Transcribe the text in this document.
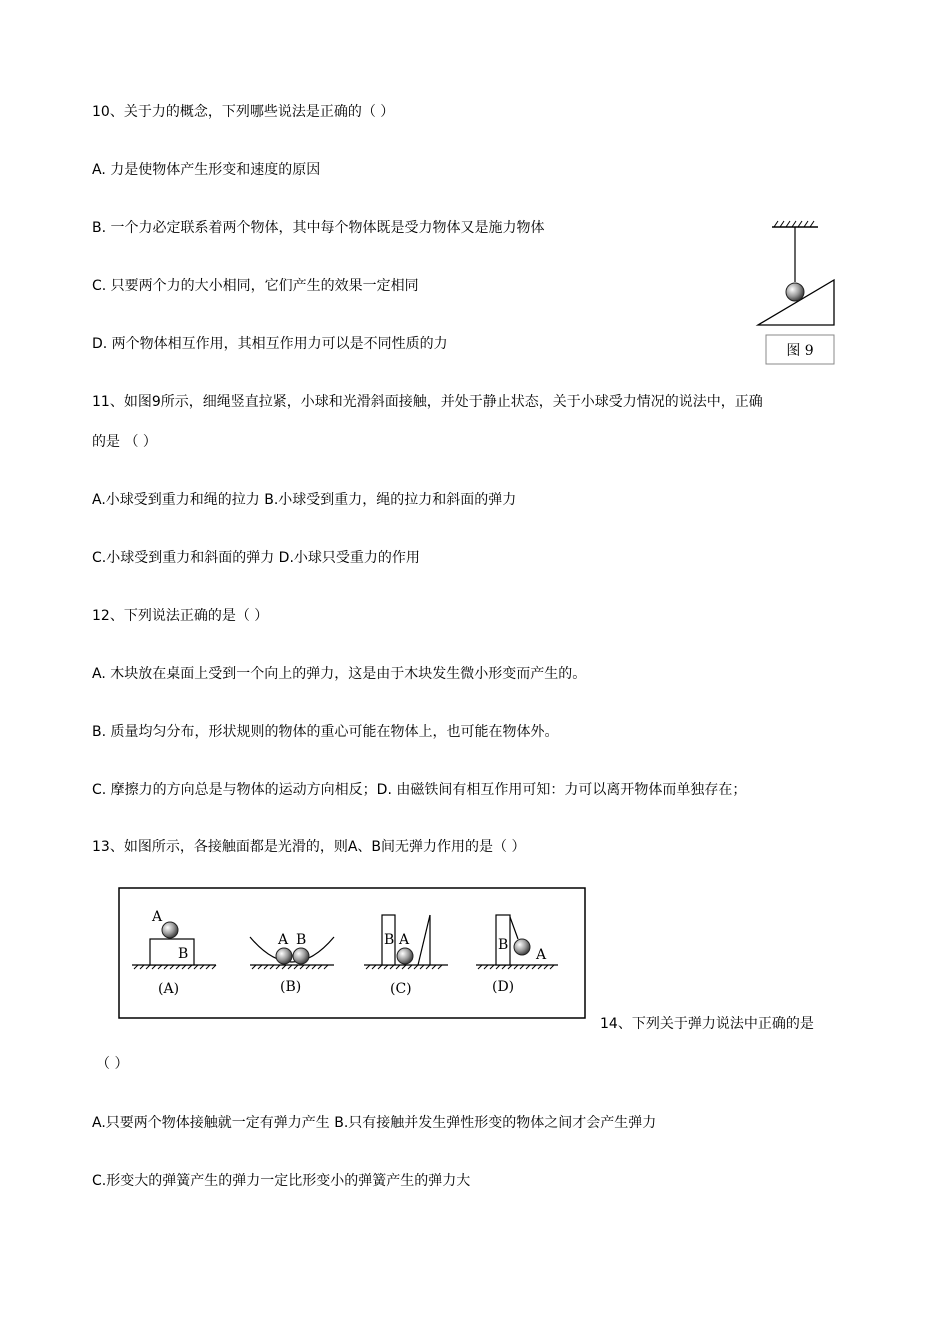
10、关于力的概念，下列哪些说法是正确的（ ）
A. 力是使物体产生形变和速度的原因
B. 一个力必定联系着两个物体，其中每个物体既是受力物体又是施力物体
C. 只要两个力的大小相同，它们产生的效果一定相同
D. 两个物体相互作用，其相互作用力可以是不同性质的力	图 9
11、如图9所示，细绳竖直拉紧，小球和光滑斜面接触，并处于静止状态，关于小球受力情况的说法中，正确
的是 （ ）
A.小球受到重力和绳的拉力 B.小球受到重力，绳的拉力和斜面的弹力
C.小球受到重力和斜面的弹力 D.小球只受重力的作用
12、下列说法正确的是（ ）
A. 木块放在桌面上受到一个向上的弹力，这是由于木块发生微小形变而产生的。
B. 质量均匀分布，形状规则的物体的重心可能在物体上，也可能在物体外。
C. 摩擦力的方向总是与物体的运动方向相反；D. 由磁铁间有相互作用可知：力可以离开物体而单独存在；
13、如图所示，各接触面都是光滑的，则A、B间无弹力作用的是（ ）
A
B
(A)
A B
(B)
B A
(C)
B
A
(D)
14、下列关于弹力说法中正确的是
（ ）
A.只要两个物体接触就一定有弹力产生 B.只有接触并发生弹性形变的物体之间才会产生弹力
C.形变大的弹簧产生的弹力一定比形变小的弹簧产生的弹力大
